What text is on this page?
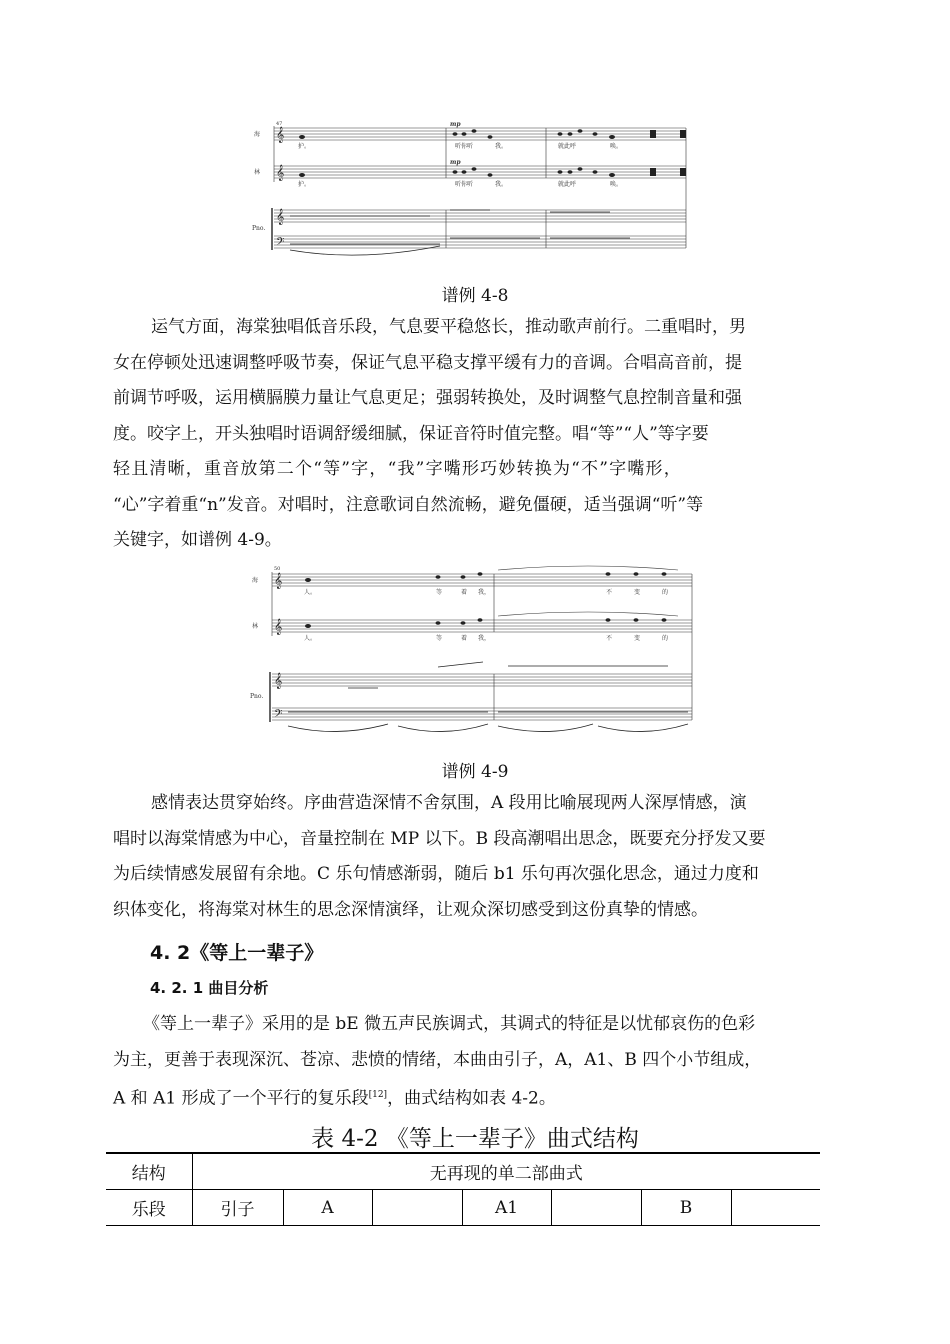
𝄞
𝄞
𝄞
𝄢
海
林
Pno.
47	mp
mp
护。	听你听	我。	就此呼	唤。
护。	听你听	我。	就此呼	唤。
谱例 4-8
运气方面，海棠独唱低音乐段，气息要平稳悠长，推动歌声前行。二重唱时，男
女在停顿处迅速调整呼吸节奏，保证气息平稳支撑平缓有力的音调。合唱高音前，提
前调节呼吸，运用横膈膜力量让气息更足；强弱转换处，及时调整气息控制音量和强
度。咬字上，开头独唱时语调舒缓细腻，保证音符时值完整。唱“等”“人”等字要
轻且清晰，重音放第二个“等”字，“我”字嘴形巧妙转换为“不”字嘴形，
“心”字着重“n”发音。对唱时，注意歌词自然流畅，避免僵硬，适当强调“听”等
关键字，如谱例 4-9。
𝄞
𝄞
𝄞
𝄢
海
林
Pno.
50
人。	等	着 我，	不	变	的
人。	等	着 我，	不	变	的
谱例 4-9
感情表达贯穿始终。序曲营造深情不舍氛围，A 段用比喻展现两人深厚情感，演
唱时以海棠情感为中心，音量控制在 MP 以下。B 段高潮唱出思念，既要充分抒发又要
为后续情感发展留有余地。C 乐句情感渐弱，随后 b1 乐句再次强化思念，通过力度和
织体变化，将海棠对林生的思念深情演绎，让观众深切感受到这份真挚的情感。
4. 2《等上一辈子》
4. 2. 1 曲目分析
《等上一辈子》采用的是 bE 微五声民族调式，其调式的特征是以忧郁哀伤的色彩
为主，更善于表现深沉、苍凉、悲愤的情绪，本曲由引子，A，A1、B 四个小节组成，
A 和 A1 形成了一个平行的复乐段[12]，曲式结构如表 4-2。
表 4-2 《等上一辈子》曲式结构
结构	无再现的单二部曲式						
乐段	引子	A		A1		B	
